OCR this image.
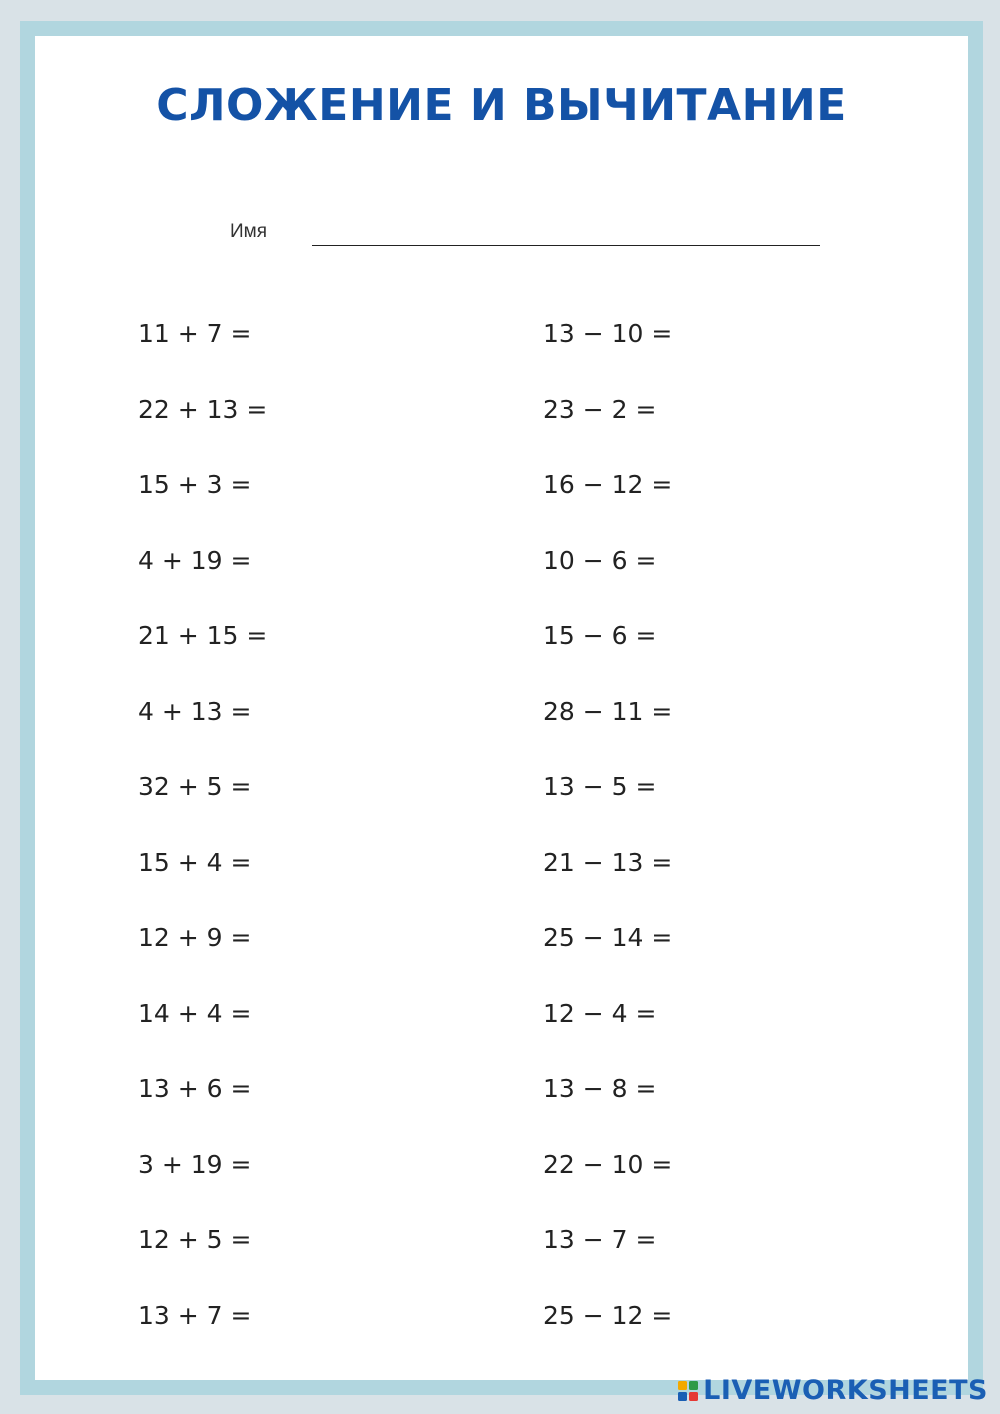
СЛОЖЕНИЕ И ВЫЧИТАНИЕ
Имя
11 + 7 =
22 + 13 =
15 + 3 =
4 + 19 =
21 + 15 =
4 + 13 =
32 + 5 =
15 + 4 =
12 + 9 =
14 + 4 =
13 + 6 =
3 + 19 =
12 + 5 =
13 + 7 =
13 − 10 =
23 − 2 =
16 − 12 =
10 − 6 =
15 − 6 =
28 − 11 =
13 − 5 =
21 − 13 =
25 − 14 =
12 − 4 =
13 − 8 =
22 − 10 =
13 − 7 =
25 − 12 =
LIVEWORKSHEETS
